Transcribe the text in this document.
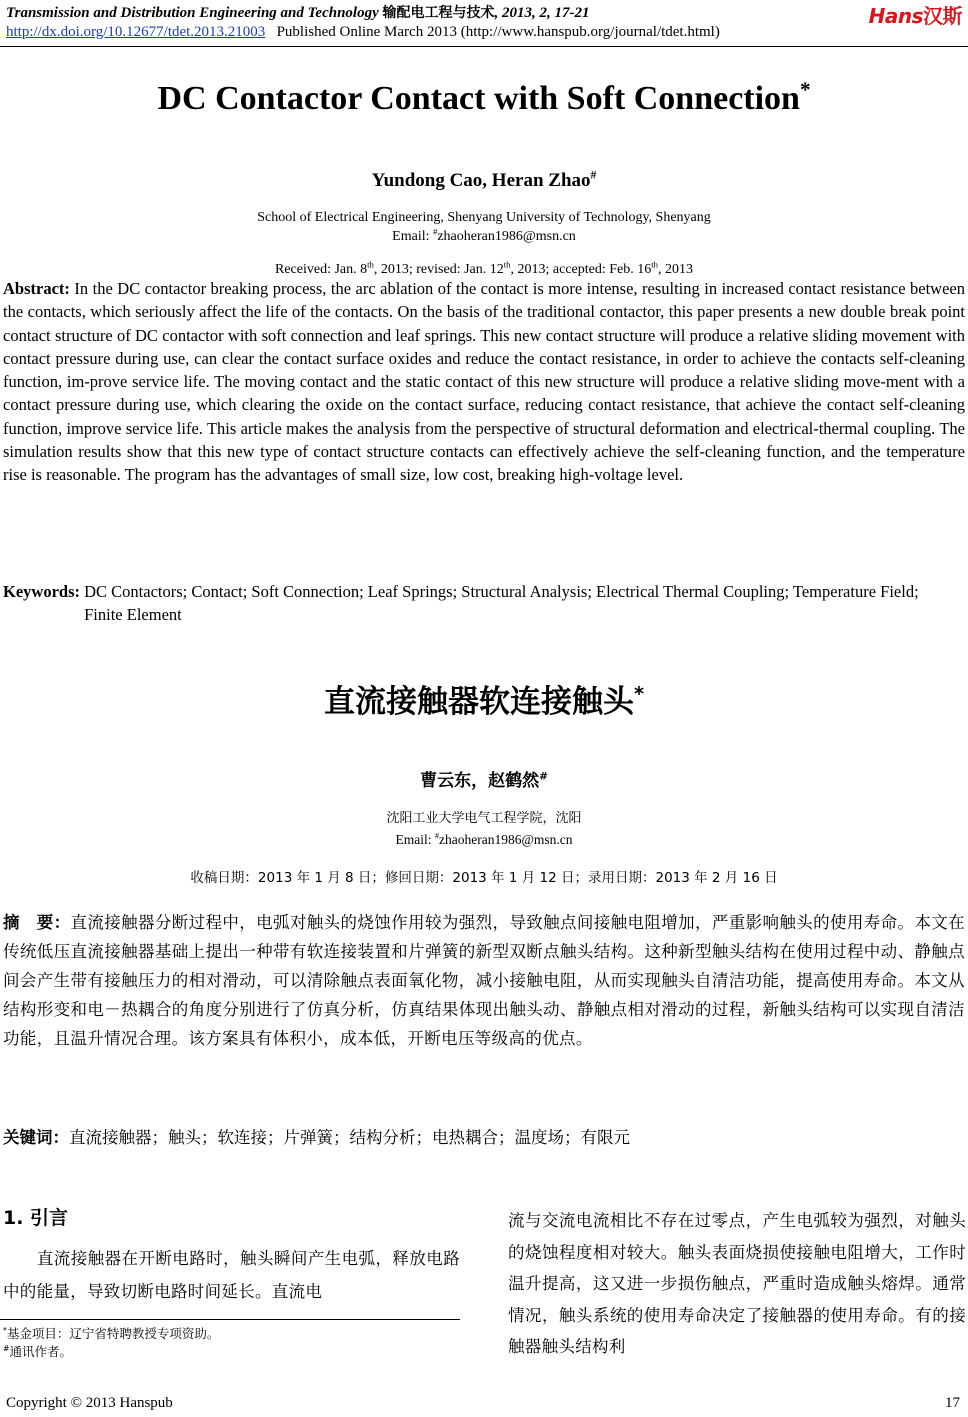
Transmission and Distribution Engineering and Technology 输配电工程与技术, 2013, 2, 17-21
http://dx.doi.org/10.12677/tdet.2013.21003 Published Online March 2013 (http://www.hanspub.org/journal/tdet.html)
Hans汉斯
DC Contactor Contact with Soft Connection*
Yundong Cao, Heran Zhao#
School of Electrical Engineering, Shenyang University of Technology, Shenyang
Email: #zhaoheran1986@msn.cn
Received: Jan. 8th, 2013; revised: Jan. 12th, 2013; accepted: Feb. 16th, 2013
Abstract: In the DC contactor breaking process, the arc ablation of the contact is more intense, resulting in increased contact resistance between the contacts, which seriously affect the life of the contacts. On the basis of the traditional contactor, this paper presents a new double break point contact structure of DC contactor with soft connection and leaf springs. This new contact structure will produce a relative sliding movement with contact pressure during use, can clear the contact surface oxides and reduce the contact resistance, in order to achieve the contacts self-cleaning function, im-prove service life. The moving contact and the static contact of this new structure will produce a relative sliding move-ment with a contact pressure during use, which clearing the oxide on the contact surface, reducing contact resistance, that achieve the contact self-cleaning function, improve service life. This article makes the analysis from the perspective of structural deformation and electrical-thermal coupling. The simulation results show that this new type of contact structure contacts can effectively achieve the self-cleaning function, and the temperature rise is reasonable. The program has the advantages of small size, low cost, breaking high-voltage level.
Keywords: DC Contactors; Contact; Soft Connection; Leaf Springs; Structural Analysis; Electrical Thermal Coupling; Temperature Field; Finite Element
直流接触器软连接触头*
曹云东，赵鹤然#
沈阳工业大学电气工程学院，沈阳
Email: #zhaoheran1986@msn.cn
收稿日期：2013 年 1 月 8 日；修回日期：2013 年 1 月 12 日；录用日期：2013 年 2 月 16 日
摘　要：直流接触器分断过程中，电弧对触头的烧蚀作用较为强烈，导致触点间接触电阻增加，严重影响触头的使用寿命。本文在传统低压直流接触器基础上提出一种带有软连接装置和片弹簧的新型双断点触头结构。这种新型触头结构在使用过程中动、静触点间会产生带有接触压力的相对滑动，可以清除触点表面氧化物，减小接触电阻，从而实现触头自清洁功能，提高使用寿命。本文从结构形变和电－热耦合的角度分别进行了仿真分析，仿真结果体现出触头动、静触点相对滑动的过程，新触头结构可以实现自清洁功能，且温升情况合理。该方案具有体积小，成本低，开断电压等级高的优点。
关键词：直流接触器；触头；软连接；片弹簧；结构分析；电热耦合；温度场；有限元
1. 引言
　　直流接触器在开断电路时，触头瞬间产生电弧，释放电路中的能量，导致切断电路时间延长。直流电
流与交流电流相比不存在过零点，产生电弧较为强烈，对触头的烧蚀程度相对较大。触头表面烧损使接触电阻增大，工作时温升提高，这又进一步损伤触点，严重时造成触头熔焊。通常情况，触头系统的使用寿命决定了接触器的使用寿命。有的接触器触头结构利
*基金项目：辽宁省特聘教授专项资助。
#通讯作者。
Copyright © 2013 Hanspub	17
